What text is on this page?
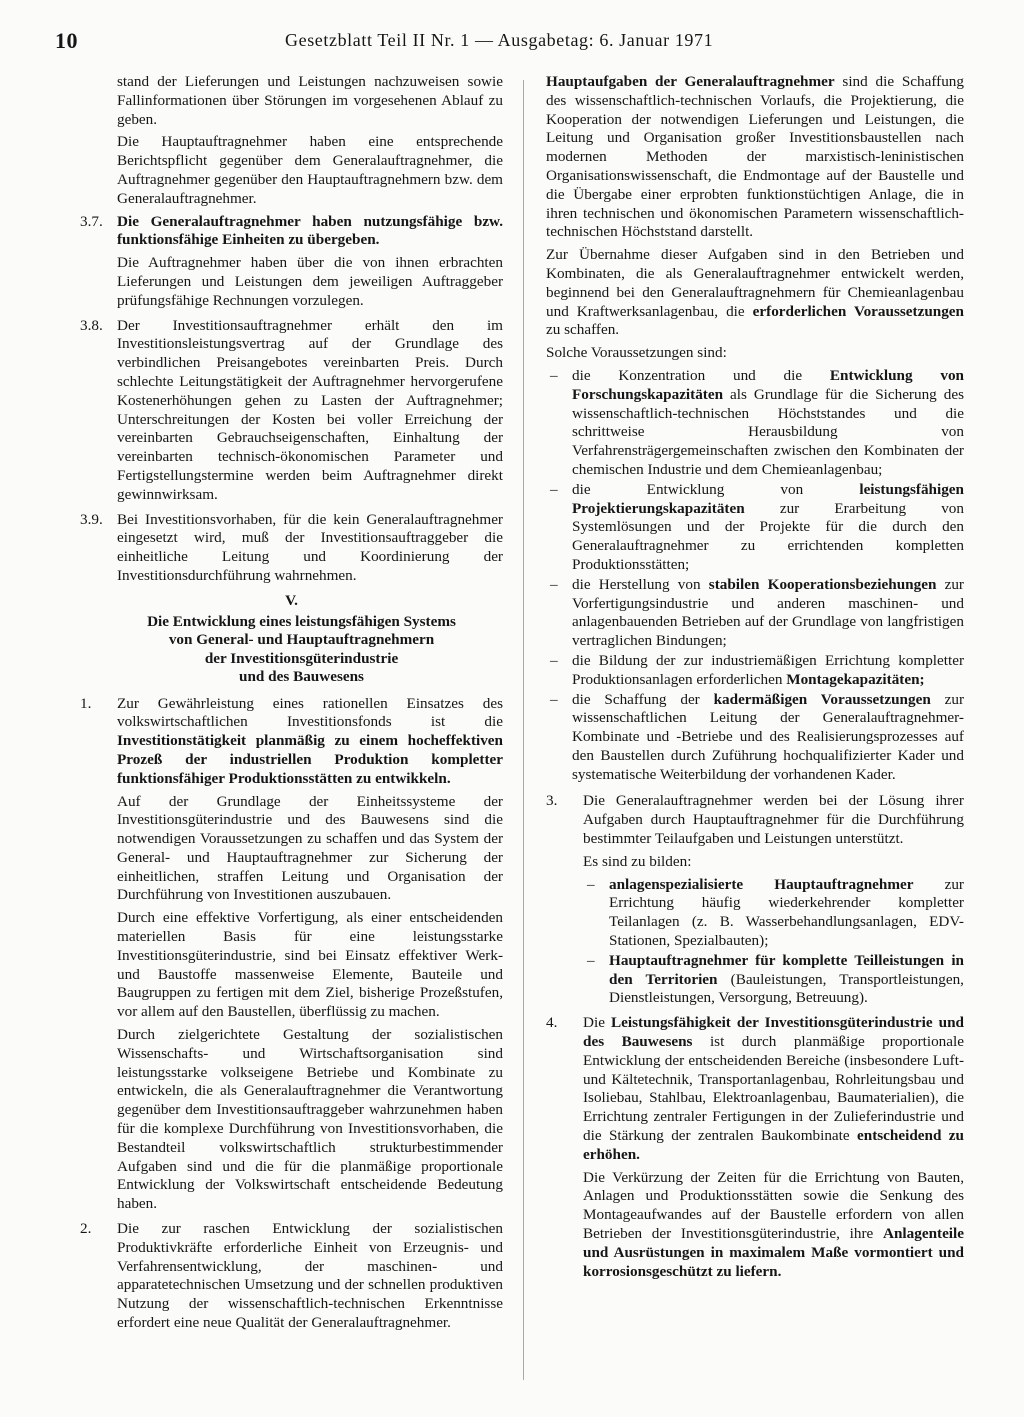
10	Gesetzblatt Teil II Nr. 1 — Ausgabetag: 6. Januar 1971

stand der Lieferungen und Leistungen nachzuweisen sowie Fallinformationen über Störungen im vorgesehenen Ablauf zu geben.

Die Hauptauftragnehmer haben eine entsprechende Berichtspflicht gegenüber dem Generalauftragnehmer, die Auftragnehmer gegenüber den Hauptauftragnehmern bzw. dem Generalauftragnehmer.

3.7. Die Generalauftragnehmer haben nutzungsfähige bzw. funktionsfähige Einheiten zu übergeben.

Die Auftragnehmer haben über die von ihnen erbrachten Lieferungen und Leistungen dem jeweiligen Auftraggeber prüfungsfähige Rechnungen vorzulegen.

3.8. Der Investitionsauftragnehmer erhält den im Investitionsleistungsvertrag auf der Grundlage des verbindlichen Preisangebotes vereinbarten Preis. Durch schlechte Leitungstätigkeit der Auftragnehmer hervorgerufene Kostenerhöhungen gehen zu Lasten der Auftragnehmer; Unterschreitungen der Kosten bei voller Erreichung der vereinbarten Gebrauchseigenschaften, Einhaltung der vereinbarten technisch-ökonomischen Parameter und Fertigstellungstermine werden beim Auftragnehmer direkt gewinnwirksam.

3.9. Bei Investitionsvorhaben, für die kein Generalauftragnehmer eingesetzt wird, muß der Investitionsauftraggeber die einheitliche Leitung und Koordinierung der Investitionsdurchführung wahrnehmen.

V.
Die Entwicklung eines leistungsfähigen Systems
von General- und Hauptauftragnehmern
der Investitionsgüterindustrie
und des Bauwesens
1. Zur Gewährleistung eines rationellen Einsatzes des volkswirtschaftlichen Investitionsfonds ist die Investitionstätigkeit planmäßig zu einem hocheffektiven Prozeß der industriellen Produktion kompletter funktionsfähiger Produktionsstätten zu entwikkeln.

Auf der Grundlage der Einheitssysteme der Investitionsgüterindustrie und des Bauwesens sind die notwendigen Voraussetzungen zu schaffen und das System der General- und Hauptauftragnehmer zur Sicherung der einheitlichen, straffen Leitung und Organisation der Durchführung von Investitionen auszubauen.

Durch eine effektive Vorfertigung, als einer entscheidenden materiellen Basis für eine leistungsstarke Investitionsgüterindustrie, sind bei Einsatz effektiver Werk- und Baustoffe massenweise Elemente, Bauteile und Baugruppen zu fertigen mit dem Ziel, bisherige Prozeßstufen, vor allem auf den Baustellen, überflüssig zu machen.

Durch zielgerichtete Gestaltung der sozialistischen Wissenschafts- und Wirtschaftsorganisation sind leistungsstarke volkseigene Betriebe und Kombinate zu entwickeln, die als Generalauftragnehmer die Verantwortung gegenüber dem Investitionsauftraggeber wahrzunehmen haben für die komplexe Durchführung von Investitionsvorhaben, die Bestandteil volkswirtschaftlich strukturbestimmender Aufgaben sind und die für die planmäßige proportionale Entwicklung der Volkswirtschaft entscheidende Bedeutung haben.

2. Die zur raschen Entwicklung der sozialistischen Produktivkräfte erforderliche Einheit von Erzeugnis- und Verfahrensentwicklung, der maschinen- und apparatetechnischen Umsetzung und der schnellen produktiven Nutzung der wissenschaftlich-technischen Erkenntnisse erfordert eine neue Qualität der Generalauftragnehmer.

Hauptaufgaben der Generalauftragnehmer sind die Schaffung des wissenschaftlich-technischen Vorlaufs, die Projektierung, die Kooperation der notwendigen Lieferungen und Leistungen, die Leitung und Organisation großer Investitionsbaustellen nach modernen Methoden der marxistisch-leninistischen Organisationswissenschaft, die Endmontage auf der Baustelle und die Übergabe einer erprobten funktionstüchtigen Anlage, die in ihren technischen und ökonomischen Parametern wissenschaftlich-technischen Höchststand darstellt.

Zur Übernahme dieser Aufgaben sind in den Betrieben und Kombinaten, die als Generalauftragnehmer entwickelt werden, beginnend bei den Generalauftragnehmern für Chemieanlagenbau und Kraftwerksanlagenbau, die erforderlichen Voraussetzungen zu schaffen.

Solche Voraussetzungen sind:

– die Konzentration und die Entwicklung von Forschungskapazitäten als Grundlage für die Sicherung des wissenschaftlich-technischen Höchststandes und die schrittweise Herausbildung von Verfahrensträgergemeinschaften zwischen den Kombinaten der chemischen Industrie und dem Chemieanlagenbau;
– die Entwicklung von leistungsfähigen Projektierungskapazitäten zur Erarbeitung von Systemlösungen und der Projekte für die durch den Generalauftragnehmer zu errichtenden kompletten Produktionsstätten;
– die Herstellung von stabilen Kooperationsbeziehungen zur Vorfertigungsindustrie und anderen maschinen- und anlagenbauenden Betrieben auf der Grundlage von langfristigen vertraglichen Bindungen;
– die Bildung der zur industriemäßigen Errichtung kompletter Produktionsanlagen erforderlichen Montagekapazitäten;
– die Schaffung der kadermäßigen Voraussetzungen zur wissenschaftlichen Leitung der Generalauftragnehmer-Kombinate und -Betriebe und des Realisierungsprozesses auf den Baustellen durch Zuführung hochqualifizierter Kader und systematische Weiterbildung der vorhandenen Kader.
3. Die Generalauftragnehmer werden bei der Lösung ihrer Aufgaben durch Hauptauftragnehmer für die Durchführung bestimmter Teilaufgaben und Leistungen unterstützt.

Es sind zu bilden:

– anlagenspezialisierte Hauptauftragnehmer zur Errichtung häufig wiederkehrender kompletter Teilanlagen (z. B. Wasserbehandlungsanlagen, EDV-Stationen, Spezialbauten);
– Hauptauftragnehmer für komplette Teilleistungen in den Territorien (Bauleistungen, Transportleistungen, Dienstleistungen, Versorgung, Betreuung).
4. Die Leistungsfähigkeit der Investitionsgüterindustrie und des Bauwesens ist durch planmäßige proportionale Entwicklung der entscheidenden Bereiche (insbesondere Luft- und Kältetechnik, Transportanlagenbau, Rohrleitungsbau und Isoliebau, Stahlbau, Elektroanlagenbau, Baumaterialien), die Errichtung zentraler Fertigungen in der Zulieferindustrie und die Stärkung der zentralen Baukombinate entscheidend zu erhöhen.

Die Verkürzung der Zeiten für die Errichtung von Bauten, Anlagen und Produktionsstätten sowie die Senkung des Montageaufwandes auf der Baustelle erfordern von allen Betrieben der Investitionsgüterindustrie, ihre Anlagenteile und Ausrüstungen in maximalem Maße vormontiert und korrosionsgeschützt zu liefern.
